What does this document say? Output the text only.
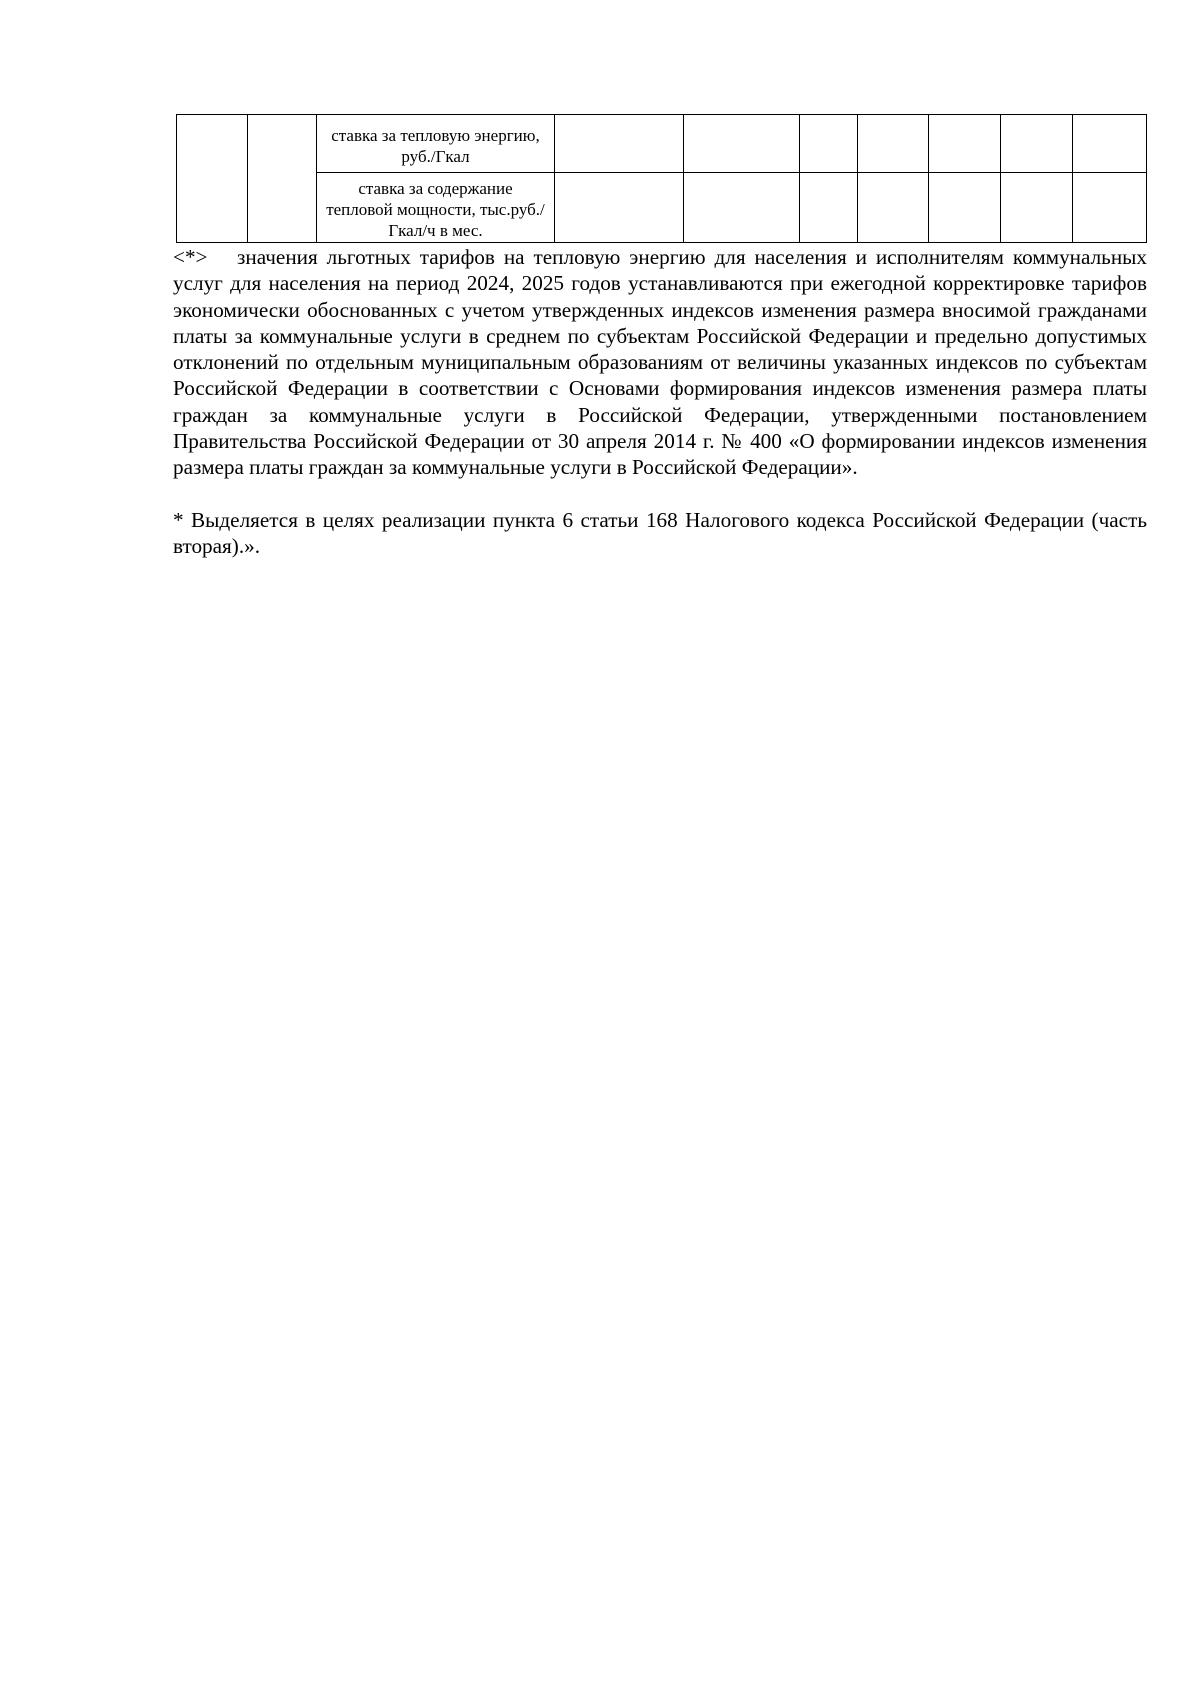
		ставка за тепловую энергию, руб./Гкал							
		ставка за содержание тепловой мощности, тыс.руб./Гкал/ч в мес.							

<*> значения льготных тарифов на тепловую энергию для населения и исполнителям коммунальных услуг для населения на период 2024, 2025 годов устанавливаются при ежегодной корректировке тарифов экономически обоснованных с учетом утвержденных индексов изменения размера вносимой гражданами платы за коммунальные услуги в среднем по субъектам Российской Федерации и предельно допустимых отклонений по отдельным муниципальным образованиям от величины указанных индексов по субъектам Российской Федерации в соответствии с Основами формирования индексов изменения размера платы граждан за коммунальные услуги в Российской Федерации, утвержденными постановлением Правительства Российской Федерации от 30 апреля 2014 г. № 400 «О формировании индексов изменения размера платы граждан за коммунальные услуги в Российской Федерации».

* Выделяется в целях реализации пункта 6 статьи 168 Налогового кодекса Российской Федерации (часть вторая).».
